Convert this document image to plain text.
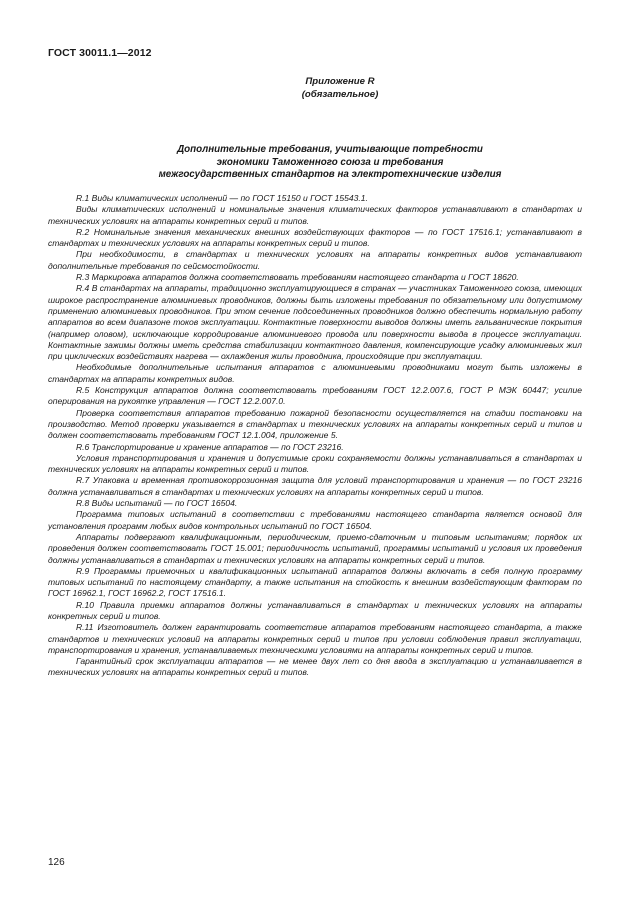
ГОСТ 30011.1—2012
Приложение R
(обязательное)
Дополнительные требования, учитывающие потребности
экономики Таможенного союза и требования
межгосударственных стандартов на электротехнические изделия

R.1 Виды климатических исполнений — по ГОСТ 15150 и ГОСТ 15543.1.

Виды климатических исполнений и номинальные значения климатических факторов устанавливают в стандартах и технических условиях на аппараты конкретных серий и типов.

R.2 Номинальные значения механических внешних воздействующих факторов — по ГОСТ 17516.1; устанавливают в стандартах и технических условиях на аппараты конкретных серий и типов.

При необходимости, в стандартах и технических условиях на аппараты конкретных видов устанавливают дополнительные требования по сейсмостойкости.

R.3 Маркировка аппаратов должна соответствовать требованиям настоящего стандарта и ГОСТ 18620.

R.4 В стандартах на аппараты, традиционно эксплуатирующиеся в странах — участниках Таможенного союза, имеющих широкое распространение алюминиевых проводников, должны быть изложены требования по обязательному или допустимому применению алюминиевых проводников. При этом сечение подсоединенных проводников должно обеспечить нормальную работу аппаратов во всем диапазоне токов эксплуатации. Контактные поверхности выводов должны иметь гальванические покрытия (например оловом), исключающие корродирование алюминиевого провода или поверхности вывода в процессе эксплуатации. Контактные зажимы должны иметь средства стабилизации контактного давления, компенсирующие усадку алюминиевых жил при циклических воздействиях нагрева — охлаждения жилы проводника, происходящие при эксплуатации.

Необходимые дополнительные испытания аппаратов с алюминиевыми проводниками могут быть изложены в стандартах на аппараты конкретных видов.

R.5 Конструкция аппаратов должна соответствовать требованиям ГОСТ 12.2.007.6, ГОСТ Р МЭК 60447; усилие оперирования на рукоятке управления — ГОСТ 12.2.007.0.

Проверка соответствия аппаратов требованию пожарной безопасности осуществляется на стадии постановки на производство. Метод проверки указывается в стандартах и технических условиях на аппараты конкретных серий и типов и должен соответствовать требованиям ГОСТ 12.1.004, приложение 5.

R.6 Транспортирование и хранение аппаратов — по ГОСТ 23216.

Условия транспортирования и хранения и допустимые сроки сохраняемости должны устанавливаться в стандартах и технических условиях на аппараты конкретных серий и типов.

R.7 Упаковка и временная противокоррозионная защита для условий транспортирования и хранения — по ГОСТ 23216 должна устанавливаться в стандартах и технических условиях на аппараты конкретных серий и типов.

R.8 Виды испытаний — по ГОСТ 16504.

Программа типовых испытаний в соответствии с требованиями настоящего стандарта является основой для установления программ любых видов контрольных испытаний по ГОСТ 16504.

Аппараты подвергают квалификационным, периодическим, приемо-сдаточным и типовым испытаниям; порядок их проведения должен соответствовать ГОСТ 15.001; периодичность испытаний, программы испытаний и условия их проведения должны устанавливаться в стандартах и технических условиях на аппараты конкретных серий и типов.

R.9 Программы приемочных и квалификационных испытаний аппаратов должны включать в себя полную программу типовых испытаний по настоящему стандарту, а также испытания на стойкость к внешним воздействующим факторам по ГОСТ 16962.1, ГОСТ 16962.2, ГОСТ 17516.1.

R.10 Правила приемки аппаратов должны устанавливаться в стандартах и технических условиях на аппараты конкретных серий и типов.

R.11 Изготовитель должен гарантировать соответствие аппаратов требованиям настоящего стандарта, а также стандартов и технических условий на аппараты конкретных серий и типов при условии соблюдения правил эксплуатации, транспортирования и хранения, устанавливаемых техническими условиями на аппараты конкретных серий и типов.

Гарантийный срок эксплуатации аппаратов — не менее двух лет со дня ввода в эксплуатацию и устанавливается в технических условиях на аппараты конкретных серий и типов.

126
